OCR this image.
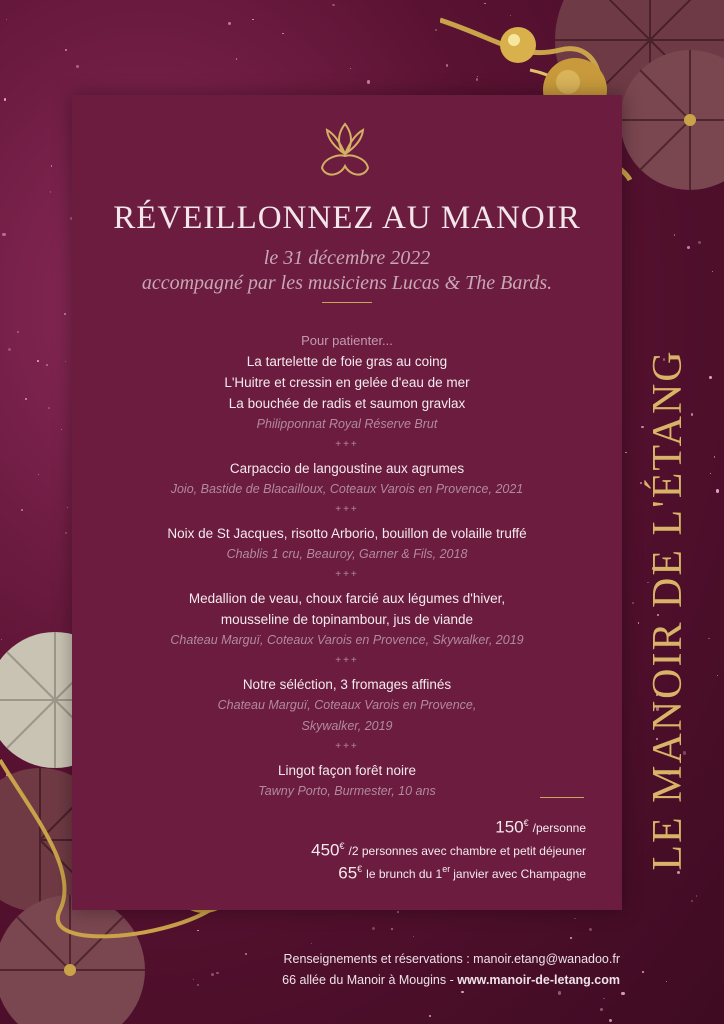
RÉVEILLONNEZ AU MANOIR
le 31 décembre 2022
accompagné par les musiciens Lucas & The Bards.
Pour patienter...
La tartelette de foie gras au coing
L'Huitre et cressin en gelée d'eau de mer
La bouchée de radis et saumon gravlax
Philipponnat Royal Réserve Brut
+++
Carpaccio de langoustine aux agrumes
Joio, Bastide de Blacailloux, Coteaux Varois en Provence, 2021
+++
Noix de St Jacques, risotto Arborio, bouillon de volaille truffé
Chablis 1 cru, Beauroy, Garner & Fils, 2018
+++
Medallion de veau, choux farcié aux légumes d'hiver,
mousseline de topinambour, jus de viande
Chateau Marguï, Coteaux Varois en Provence, Skywalker, 2019
+++
Notre séléction, 3 fromages affinés
Chateau Marguï, Coteaux Varois en Provence,
Skywalker, 2019
+++
Lingot façon forêt noire
Tawny Porto, Burmester, 10 ans
150€ /personne
450€ /2 personnes avec chambre et petit déjeuner
65€ le brunch du 1er janvier avec Champagne
Renseignements et réservations : manoir.etang@wanadoo.fr
66 allée du Manoir à Mougins - www.manoir-de-letang.com
LE MANOIR DE L'ÉTANG
